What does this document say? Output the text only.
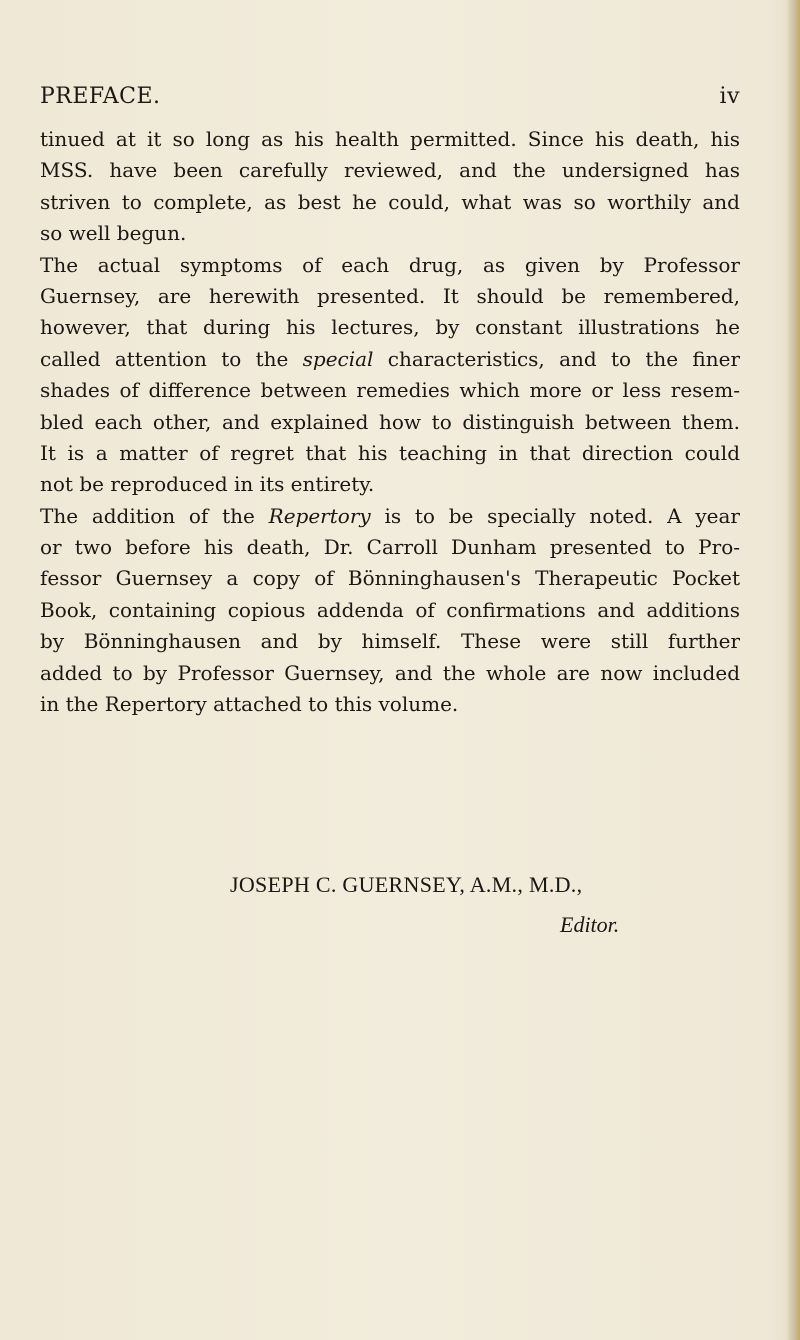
PREFACE.	iv
tinued at it so long as his health permitted. Since his death, his
MSS. have been carefully reviewed, and the undersigned has
striven to complete, as best he could, what was so worthily and
so well begun.
The actual symptoms of each drug, as given by Professor
Guernsey, are herewith presented. It should be remembered,
however, that during his lectures, by constant illustrations he
called attention to the special characteristics, and to the finer
shades of difference between remedies which more or less resem-
bled each other, and explained how to distinguish between them.
It is a matter of regret that his teaching in that direction could
not be reproduced in its entirety.
The addition of the Repertory is to be specially noted. A year
or two before his death, Dr. Carroll Dunham presented to Pro-
fessor Guernsey a copy of Bönninghausen's Therapeutic Pocket
Book, containing copious addenda of confirmations and additions
by Bönninghausen and by himself. These were still further
added to by Professor Guernsey, and the whole are now included
in the Repertory attached to this volume.
JOSEPH C. GUERNSEY, A.M., M.D.,
Editor.
